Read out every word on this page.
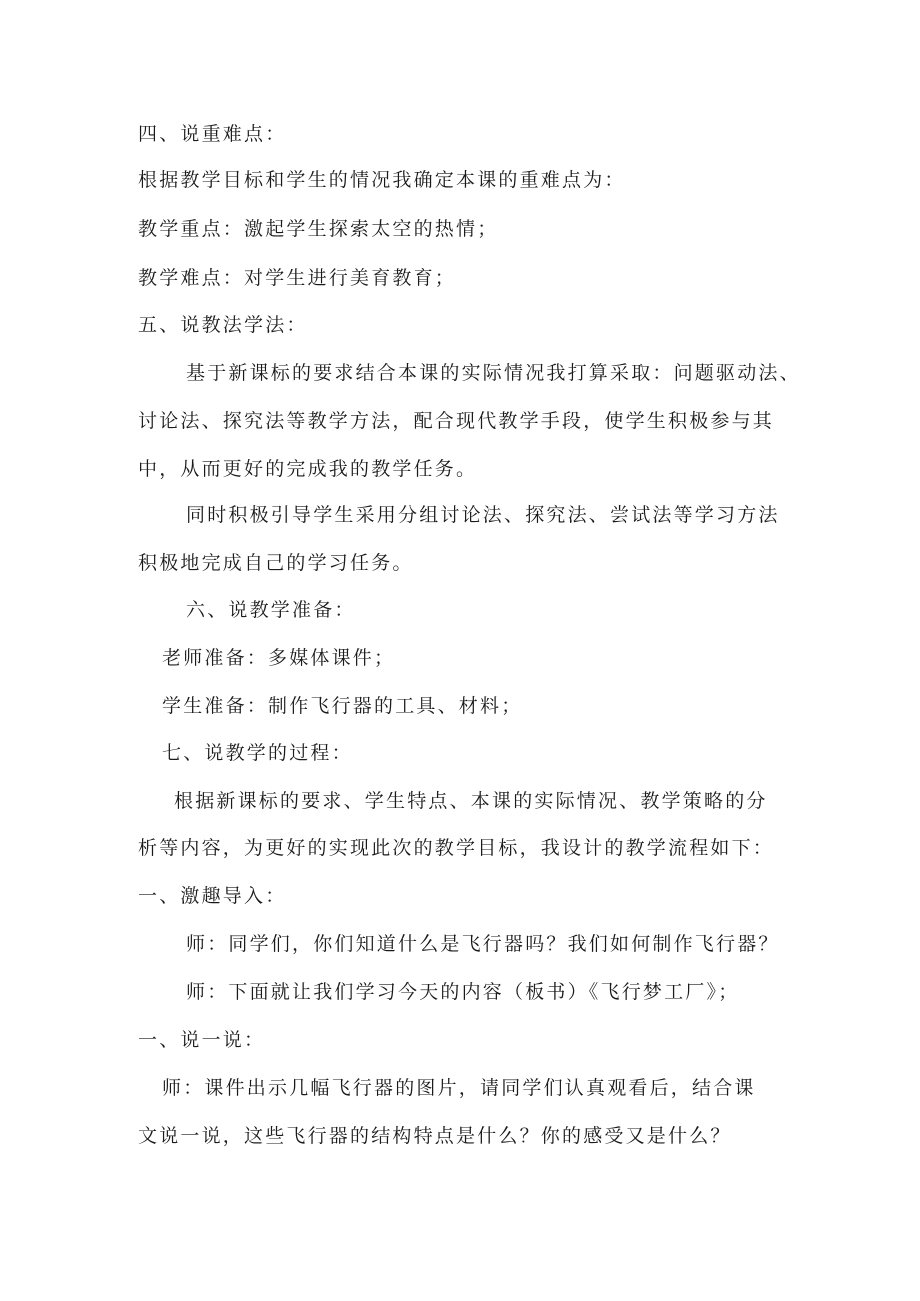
四、说重难点：
根据教学目标和学生的情况我确定本课的重难点为：
教学重点：激起学生探索太空的热情；
教学难点：对学生进行美育教育；
五、说教法学法：
基于新课标的要求结合本课的实际情况我打算采取：问题驱动法、
讨论法、探究法等教学方法，配合现代教学手段，使学生积极参与其
中，从而更好的完成我的教学任务。
同时积极引导学生采用分组讨论法、探究法、尝试法等学习方法
积极地完成自己的学习任务。
六、说教学准备：
老师准备：多媒体课件；
学生准备：制作飞行器的工具、材料；
七、说教学的过程：
根据新课标的要求、学生特点、本课的实际情况、教学策略的分
析等内容，为更好的实现此次的教学目标，我设计的教学流程如下：
一、激趣导入：
师：同学们，你们知道什么是飞行器吗？我们如何制作飞行器？
师：下面就让我们学习今天的内容（板书）《飞行梦工厂》；
一、说一说：
师：课件出示几幅飞行器的图片，请同学们认真观看后，结合课
文说一说，这些飞行器的结构特点是什么？你的感受又是什么？
